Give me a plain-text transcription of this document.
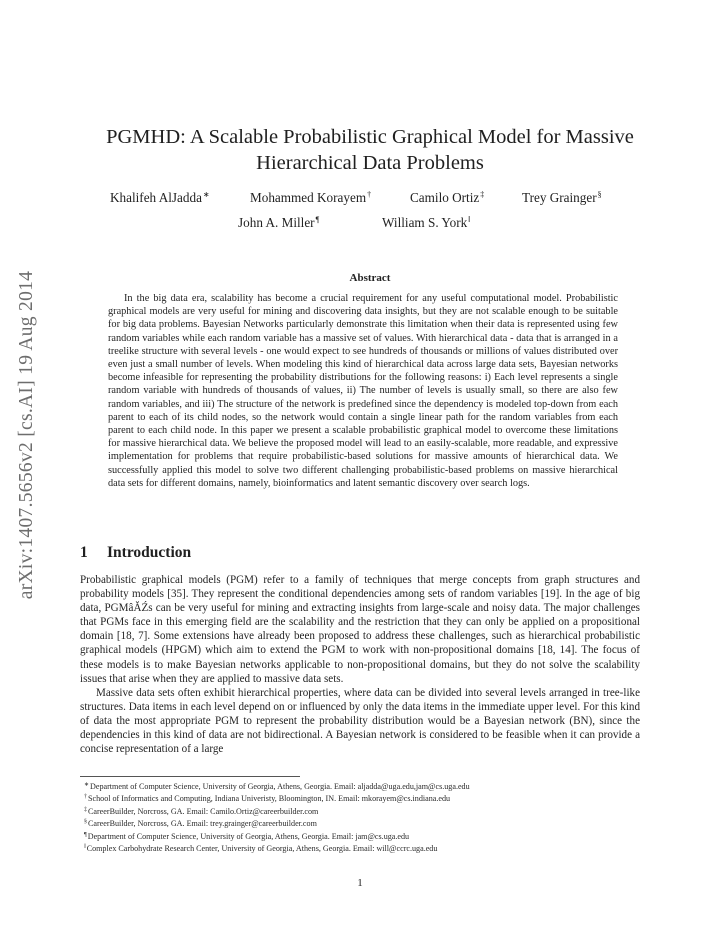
arXiv:1407.5656v2 [cs.AI] 19 Aug 2014
PGMHD: A Scalable Probabilistic Graphical Model for Massive
Hierarchical Data Problems
Khalifeh AlJadda∗	Mohammed Korayem†	Camilo Ortiz‡	Trey Grainger§
John A. Miller¶	William S. York‖
Abstract

In the big data era, scalability has become a crucial requirement for any useful computational model. Probabilistic graphical models are very useful for mining and discovering data insights, but they are not scalable enough to be suitable for big data problems. Bayesian Networks particularly demonstrate this limitation when their data is represented using few random variables while each random variable has a massive set of values. With hierarchical data - data that is arranged in a treelike structure with several levels - one would expect to see hundreds of thousands or millions of values distributed over even just a small number of levels. When modeling this kind of hierarchical data across large data sets, Bayesian networks become infeasible for representing the probability distributions for the following reasons: i) Each level represents a single random variable with hundreds of thousands of values, ii) The number of levels is usually small, so there are also few random variables, and iii) The structure of the network is predefined since the dependency is modeled top-down from each parent to each of its child nodes, so the network would contain a single linear path for the random variables from each parent to each child node. In this paper we present a scalable probabilistic graphical model to overcome these limitations for massive hierarchical data. We believe the proposed model will lead to an easily-scalable, more readable, and expressive implementation for problems that require probabilistic-based solutions for massive amounts of hierarchical data. We successfully applied this model to solve two different challenging probabilistic-based problems on massive hierarchical data sets for different domains, namely, bioinformatics and latent semantic discovery over search logs.

1 Introduction

Probabilistic graphical models (PGM) refer to a family of techniques that merge concepts from graph structures and probability models [35]. They represent the conditional dependencies among sets of random variables [19]. In the age of big data, PGMâĂŹs can be very useful for mining and extracting insights from large-scale and noisy data. The major challenges that PGMs face in this emerging field are the scalability and the restriction that they can only be applied on a propositional domain [18, 7]. Some extensions have already been proposed to address these challenges, such as hierarchical probabilistic graphical models (HPGM) which aim to extend the PGM to work with non-propositional domains [18, 14]. The focus of these models is to make Bayesian networks applicable to non-propositional domains, but they do not solve the scalability issues that arise when they are applied to massive data sets.

Massive data sets often exhibit hierarchical properties, where data can be divided into several levels arranged in tree-like structures. Data items in each level depend on or influenced by only the data items in the immediate upper level. For this kind of data the most appropriate PGM to represent the probability distribution would be a Bayesian network (BN), since the dependencies in this kind of data are not bidirectional. A Bayesian network is considered to be feasible when it can provide a concise representation of a large

∗Department of Computer Science, University of Georgia, Athens, Georgia. Email: aljadda@uga.edu,jam@cs.uga.edu
†School of Informatics and Computing, Indiana Univeristy, Bloomington, IN. Email: mkorayem@cs.indiana.edu
‡CareerBuilder, Norcross, GA. Email: Camilo.Ortiz@careerbuilder.com
§CareerBuilder, Norcross, GA. Email: trey.grainger@careerbuilder.com
¶Department of Computer Science, University of Georgia, Athens, Georgia. Email: jam@cs.uga.edu
‖Complex Carbohydrate Research Center, University of Georgia, Athens, Georgia. Email: will@ccrc.uga.edu
1
